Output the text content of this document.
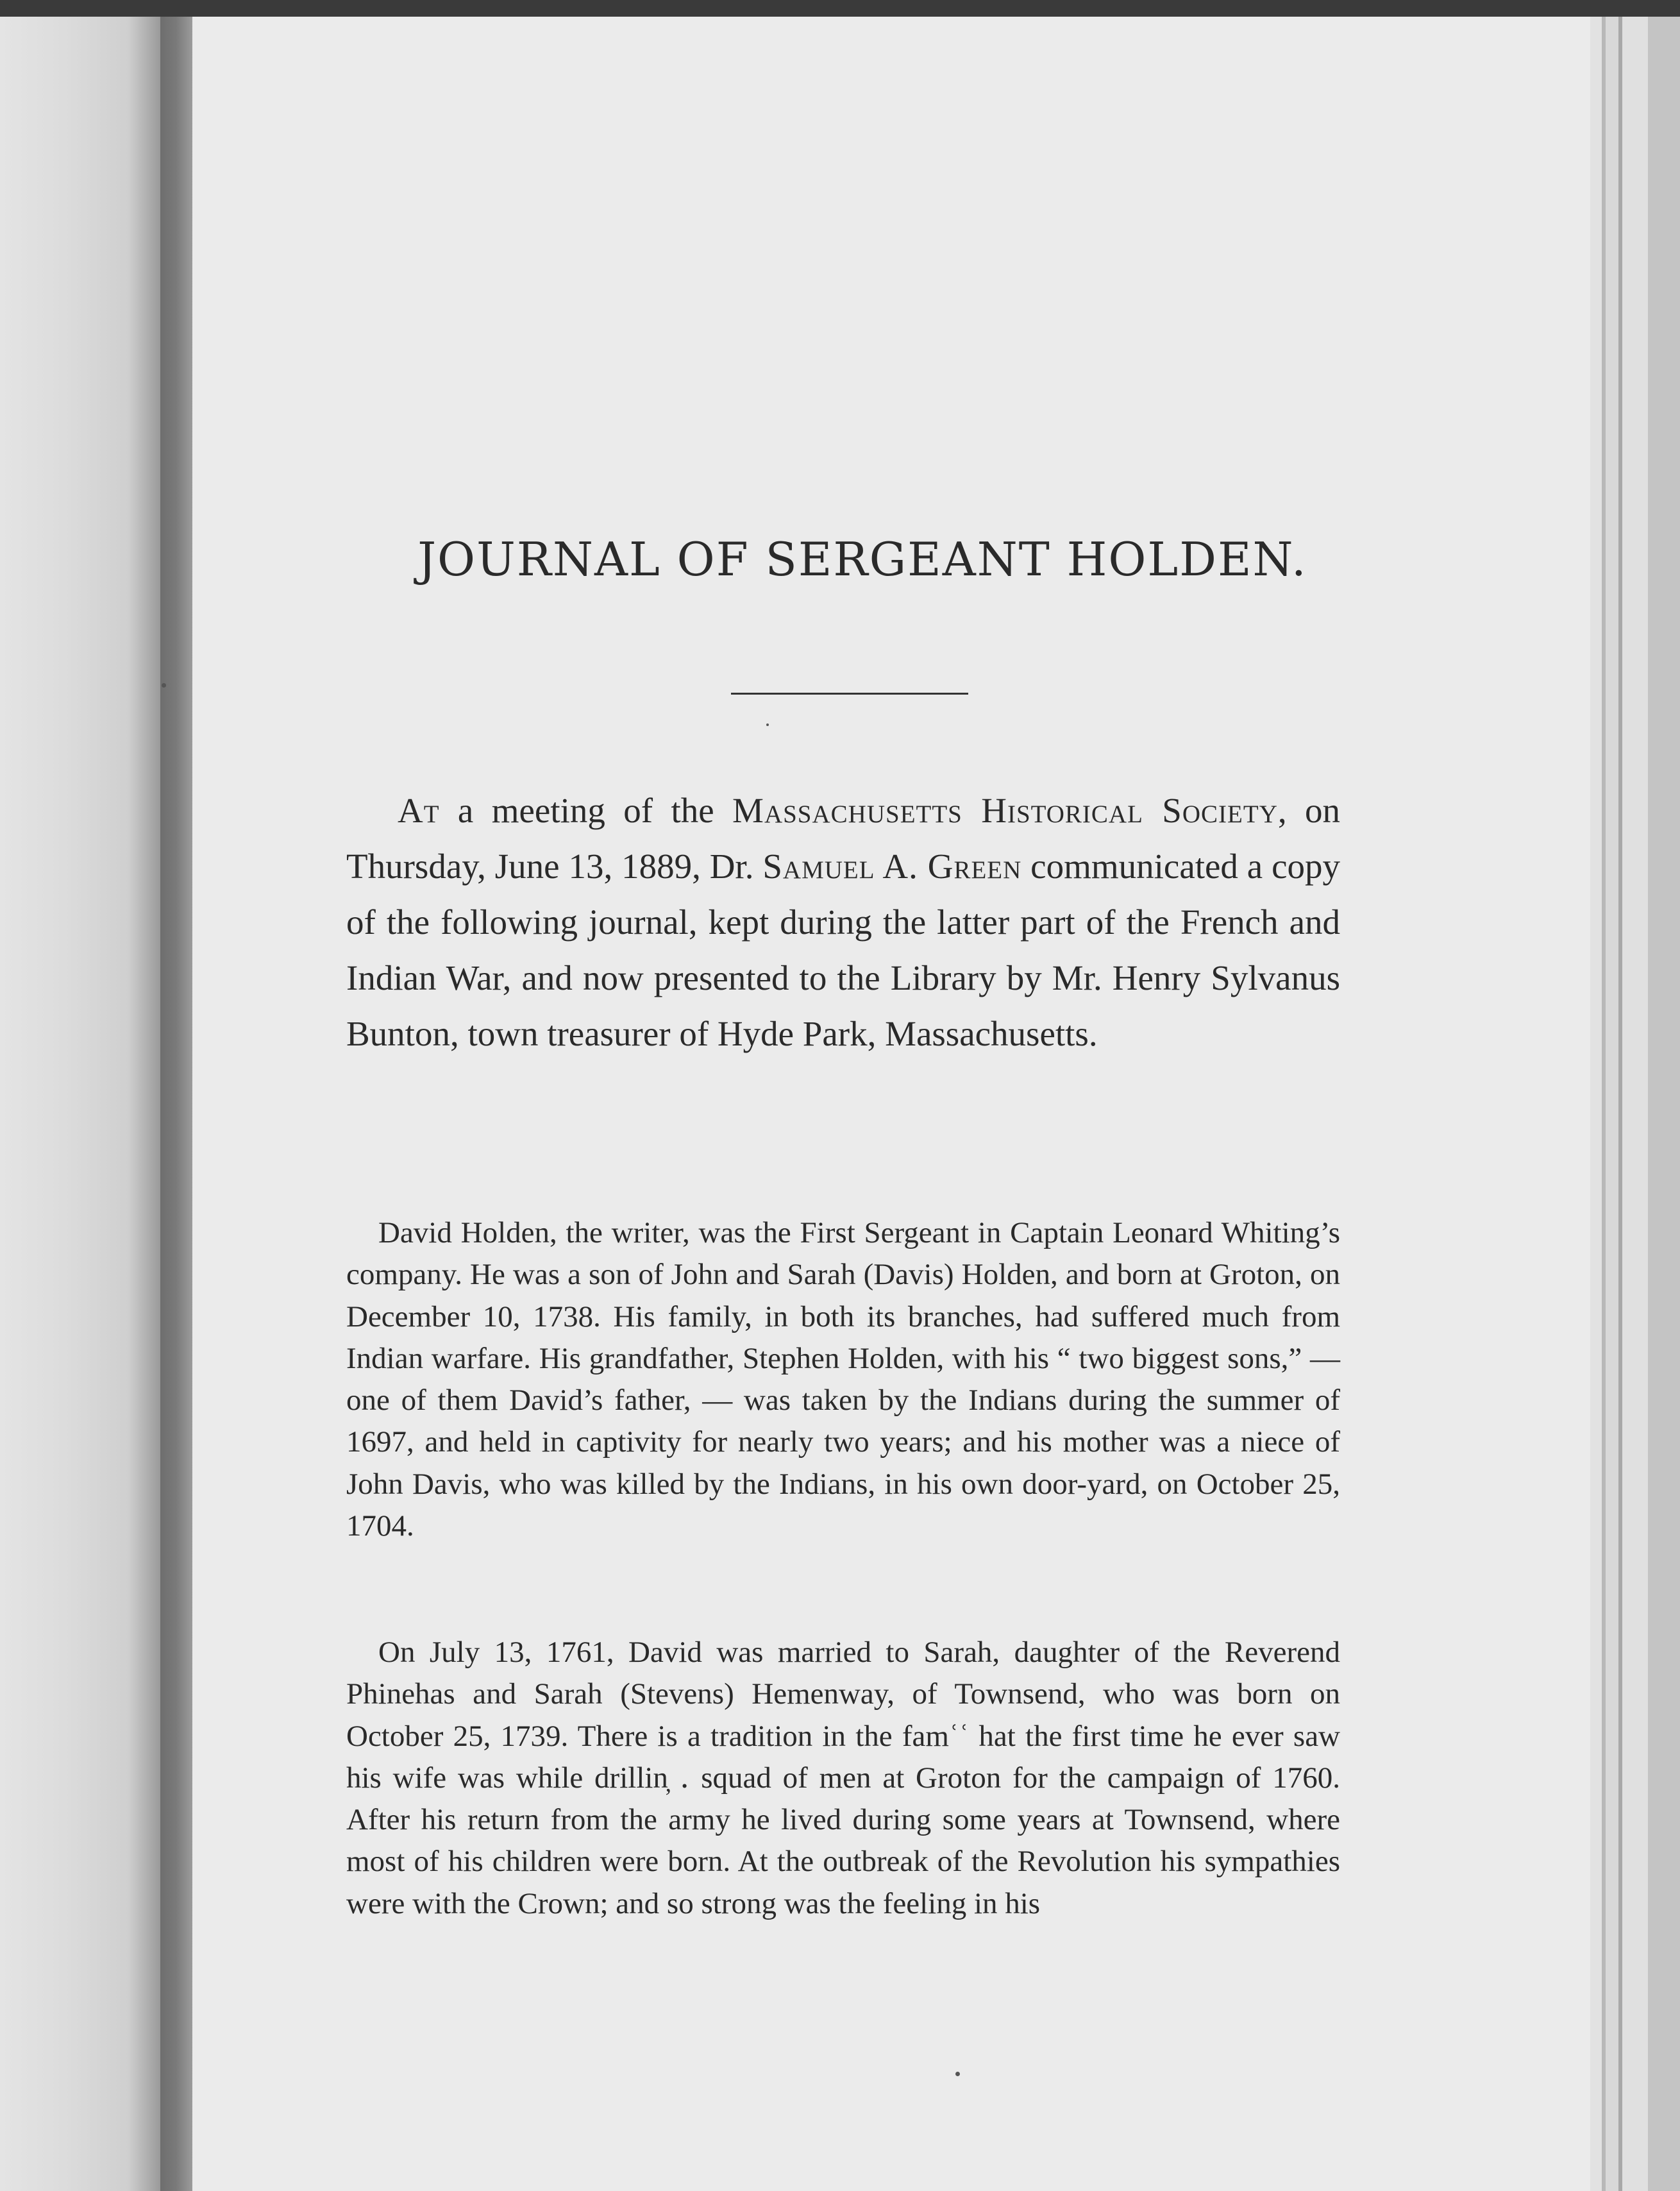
JOURNAL OF SERGEANT HOLDEN.

At a meeting of the Massachusetts Historical Society, on Thursday, June 13, 1889, Dr. Samuel A. Green communicated a copy of the following journal, kept during the latter part of the French and Indian War, and now presented to the Library by Mr. Henry Sylvanus Bunton, town treasurer of Hyde Park, Massachusetts.

David Holden, the writer, was the First Sergeant in Captain Leonard Whiting’s company. He was a son of John and Sarah (Davis) Holden, and born at Groton, on December 10, 1738. His family, in both its branches, had suffered much from Indian warfare. His grandfather, Stephen Holden, with his “ two biggest sons,” — one of them David’s father, — was taken by the Indians during the summer of 1697, and held in captivity for nearly two years; and his mother was a niece of John Davis, who was killed by the Indians, in his own door-yard, on October 25, 1704.

On July 13, 1761, David was married to Sarah, daughter of the Reverend Phinehas and Sarah (Stevens) Hemenway, of Townsend, who was born on October 25, 1739. There is a tradition in the famʿʿ hat the first time he ever saw his wife was while drillin̦ ․ squad of men at Groton for the campaign of 1760. After his return from the army he lived during some years at Townsend, where most of his children were born. At the outbreak of the Revolution his sympathies were with the Crown; and so strong was the feeling in his
